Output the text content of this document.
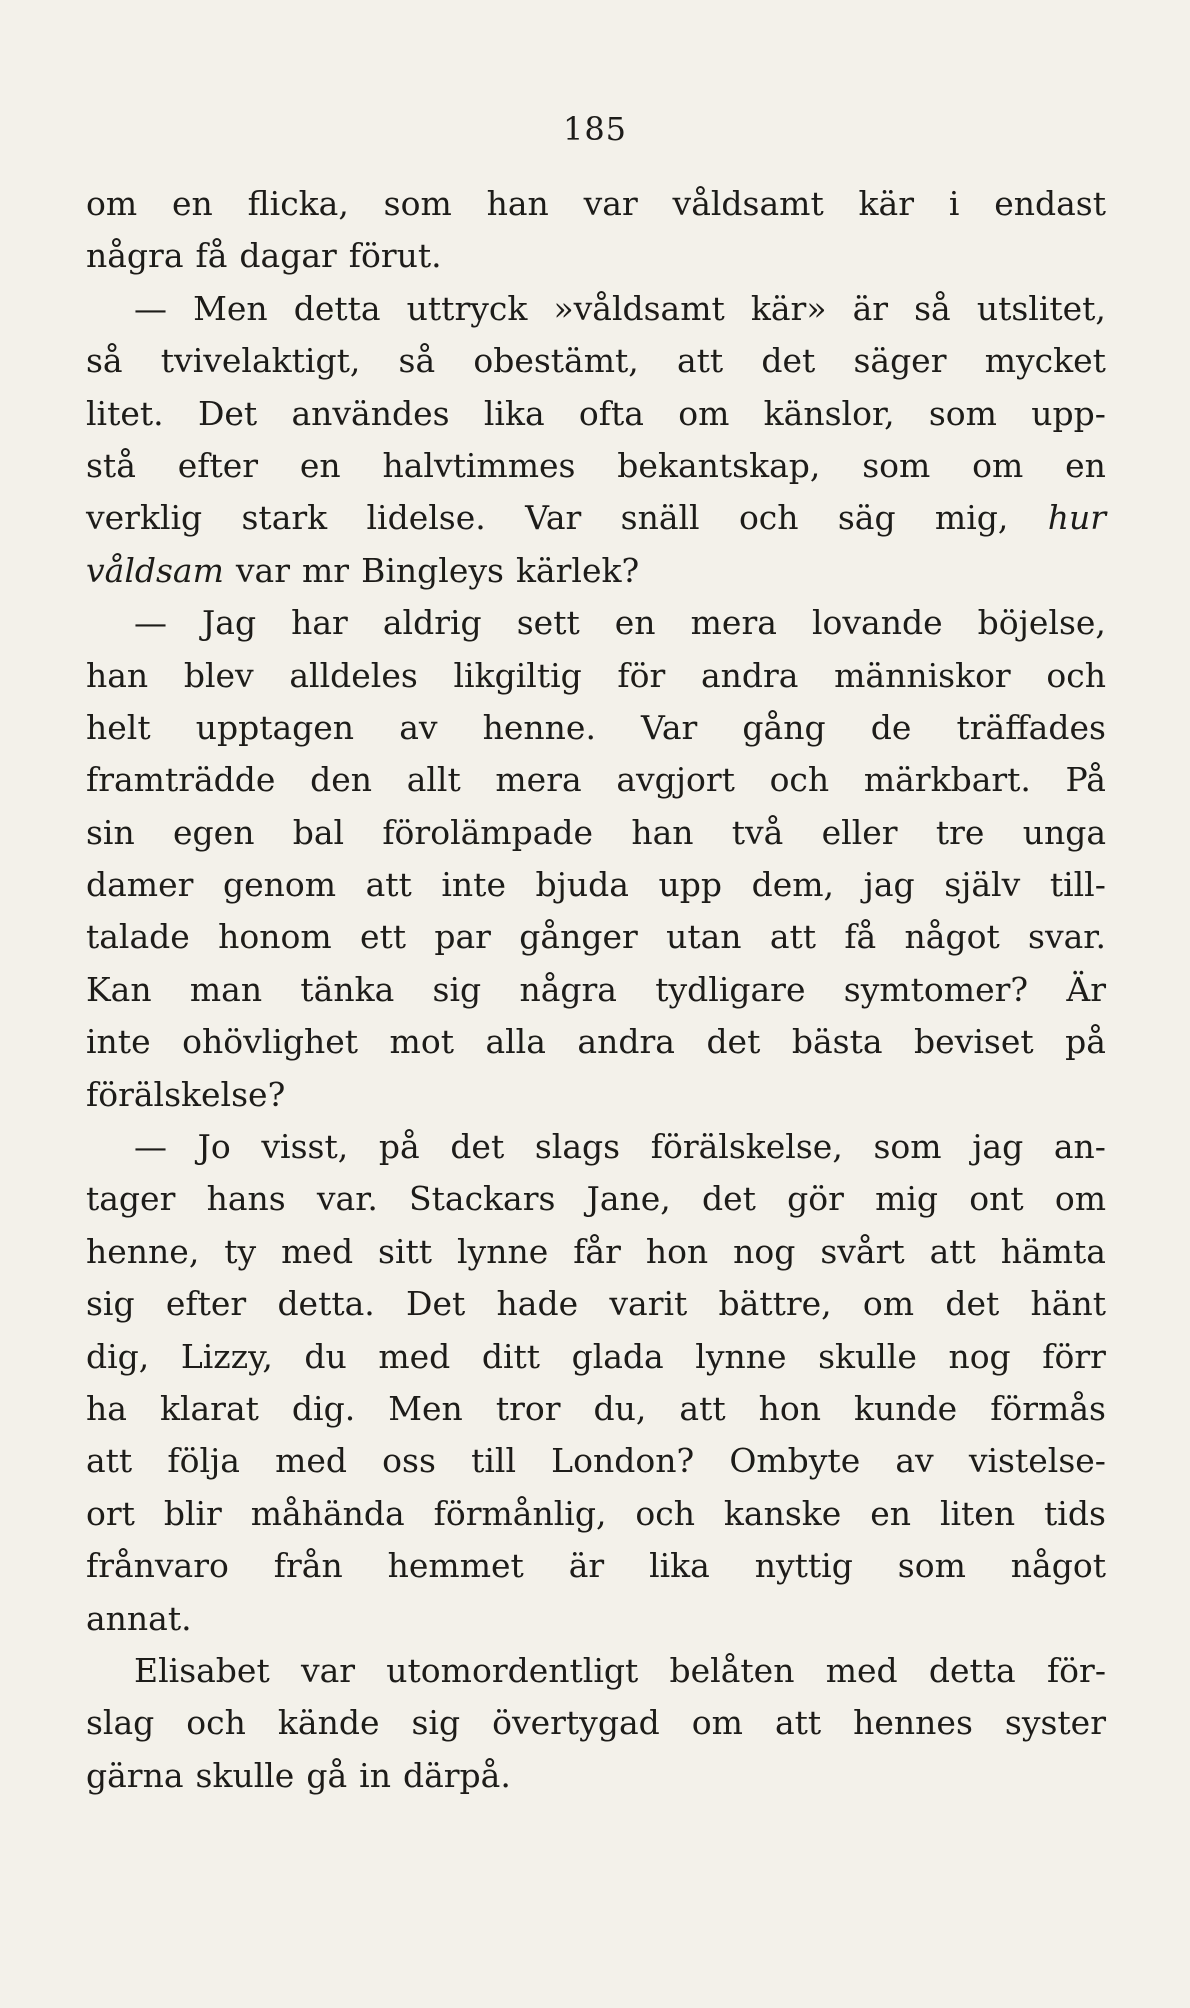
185
om en flicka, som han var våldsamt kär i endast
några få dagar förut.
— Men detta uttryck »våldsamt kär» är så utslitet,
så tvivelaktigt, så obestämt, att det säger mycket
litet. Det användes lika ofta om känslor, som upp-
stå efter en halvtimmes bekantskap, som om en
verklig stark lidelse. Var snäll och säg mig, hur
våldsam var mr Bingleys kärlek?
— Jag har aldrig sett en mera lovande böjelse,
han blev alldeles likgiltig för andra människor och
helt upptagen av henne. Var gång de träffades
framträdde den allt mera avgjort och märkbart. På
sin egen bal förolämpade han två eller tre unga
damer genom att inte bjuda upp dem, jag själv till-
talade honom ett par gånger utan att få något svar.
Kan man tänka sig några tydligare symtomer? Är
inte ohövlighet mot alla andra det bästa beviset på
förälskelse?
— Jo visst, på det slags förälskelse, som jag an-
tager hans var. Stackars Jane, det gör mig ont om
henne, ty med sitt lynne får hon nog svårt att hämta
sig efter detta. Det hade varit bättre, om det hänt
dig, Lizzy, du med ditt glada lynne skulle nog förr
ha klarat dig. Men tror du, att hon kunde förmås
att följa med oss till London? Ombyte av vistelse-
ort blir måhända förmånlig, och kanske en liten tids
frånvaro från hemmet är lika nyttig som något
annat.
Elisabet var utomordentligt belåten med detta för-
slag och kände sig övertygad om att hennes syster
gärna skulle gå in därpå.
